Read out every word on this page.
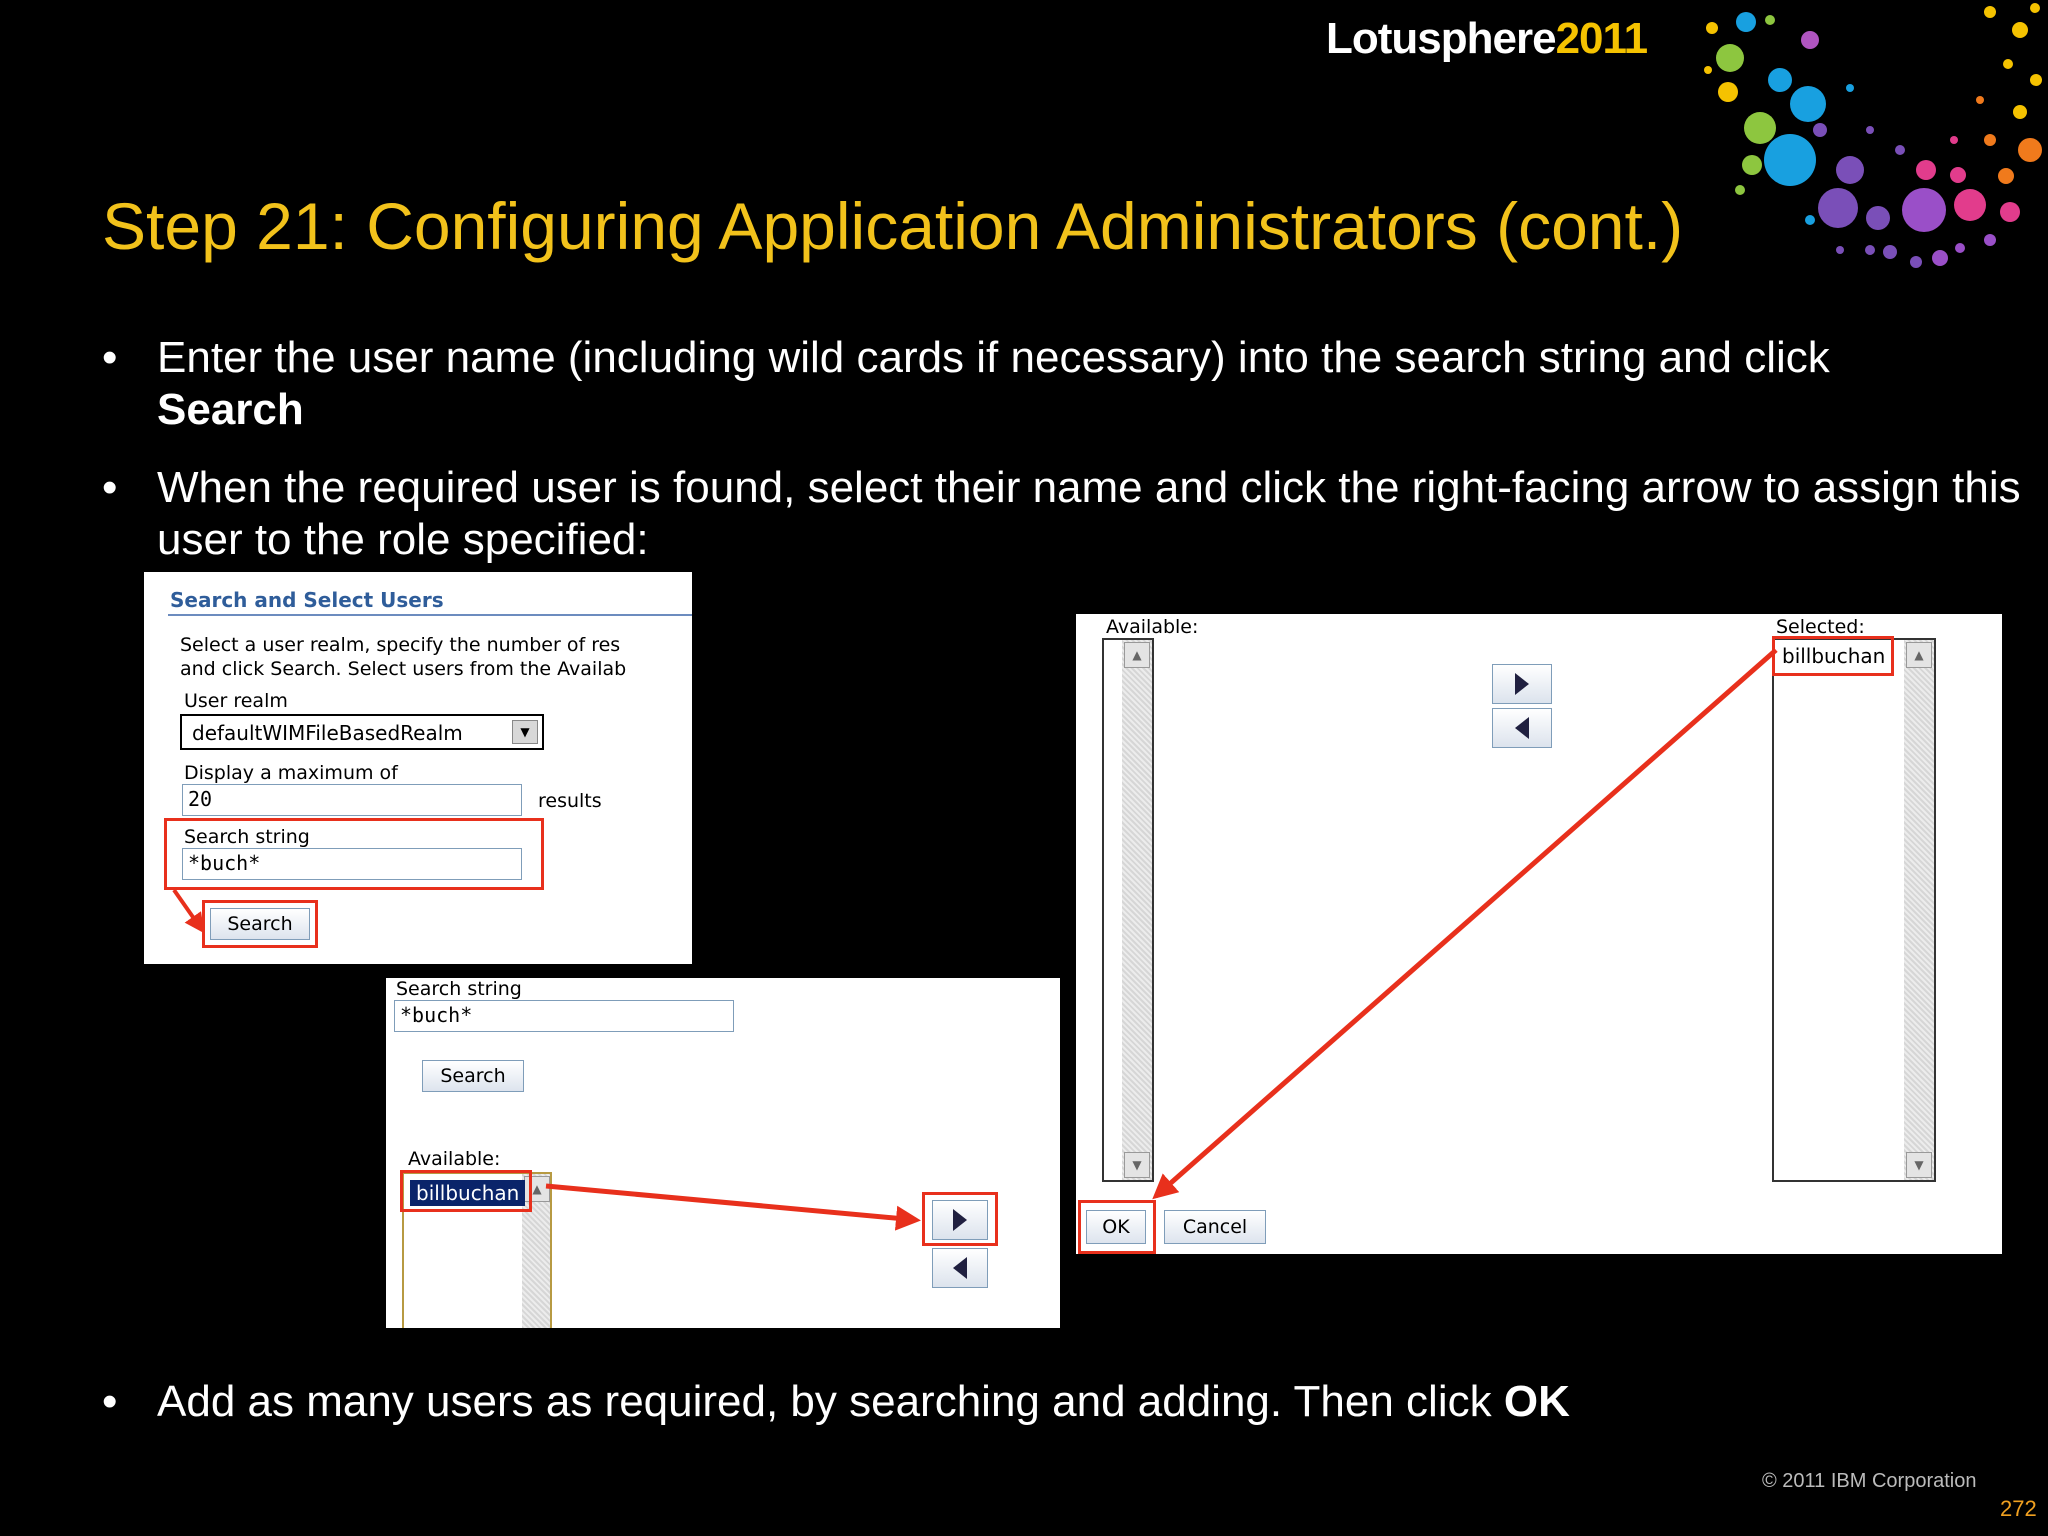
Lotusphere2011
Step 21: Configuring Application Administrators (cont.)
• Enter the user name (including wild cards if necessary) into the search string and click
Search
• When the required user is found, select their name and click the right-facing arrow to assign this user to the role specified:
Search and Select Users
Select a user realm, specify the number of res
and click Search. Select users from the Availab
User realm
defaultWIMFileBasedRealm	▼
Display a maximum of
20	results
Search string
*buch*
Search
Search string
*buch*
Search
Available:
▲
billbuchan
Available:
▲
▼
Selected:
billbuchan	▲
▼
OK	Cancel
• Add as many users as required, by searching and adding. Then click OK
© 2011 IBM Corporation
272
